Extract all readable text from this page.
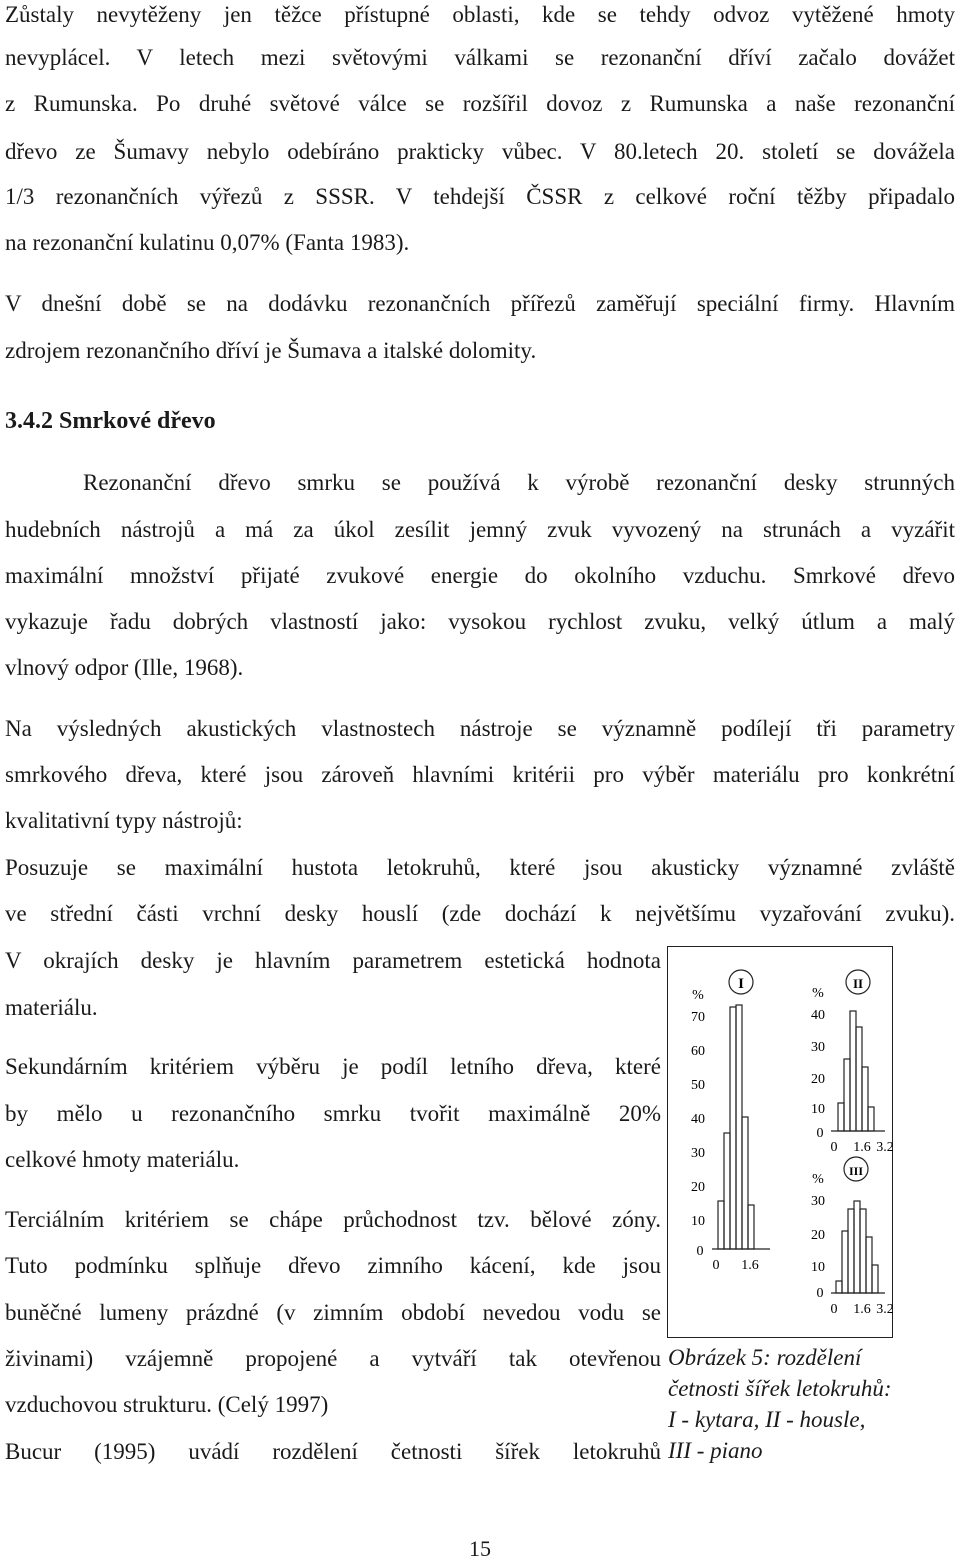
Zůstaly nevytěženy jen těžce přístupné oblasti, kde se tehdy odvoz vytěžené hmoty
nevyplácel. V letech mezi světovými válkami se rezonanční dříví začalo dovážet
z Rumunska. Po druhé světové válce se rozšířil dovoz z Rumunska a naše rezonanční
dřevo ze Šumavy nebylo odebíráno prakticky vůbec. V 80.letech 20. století se dovážela
1/3 rezonančních výřezů z SSSR. V tehdejší ČSSR z celkové roční těžby připadalo
na rezonanční kulatinu 0,07% (Fanta 1983).
V dnešní době se na dodávku rezonančních přířezů zaměřují speciální firmy. Hlavním
zdrojem rezonančního dříví je Šumava a italské dolomity.
3.4.2 Smrkové dřevo
Rezonanční dřevo smrku se používá k výrobě rezonanční desky strunných
hudebních nástrojů a má za úkol zesílit jemný zvuk vyvozený na strunách a vyzářit
maximální množství přijaté zvukové energie do okolního vzduchu. Smrkové dřevo
vykazuje řadu dobrých vlastností jako: vysokou rychlost zvuku, velký útlum a malý
vlnový odpor (Ille, 1968).
Na výsledných akustických vlastnostech nástroje se významně podílejí tři parametry
smrkového dřeva, které jsou zároveň hlavními kritérii pro výběr materiálu pro konkrétní
kvalitativní typy nástrojů:
Posuzuje se maximální hustota letokruhů, které jsou akusticky významné zvláště
ve střední části vrchní desky houslí (zde dochází k největšímu vyzařování zvuku).
V okrajích desky je hlavním parametrem estetická hodnota
materiálu.
Sekundárním kritériem výběru je podíl letního dřeva, které
by mělo u rezonančního smrku tvořit maximálně 20%
celkové hmoty materiálu.
Terciálním kritériem se chápe průchodnost tzv. bělové zóny.
Tuto podmínku splňuje dřevo zimního kácení, kde jsou
buněčné lumeny prázdné (v zimním období nevedou vodu se
živinami) vzájemně propojené a vytváří tak otevřenou
vzduchovou strukturu. (Celý 1997)
Bucur (1995) uvádí rozdělení četnosti šířek letokruhů
I
%
70
60
50
40
30
20
10
0
0 1.6
II
%
40
30
20
10
0
0 1.6 3.2
III
%
30
20
10
0
0 1.6 3.2
Obrázek 5: rozdělení
četnosti šířek letokruhů:
I - kytara, II - housle,
III - piano
15
